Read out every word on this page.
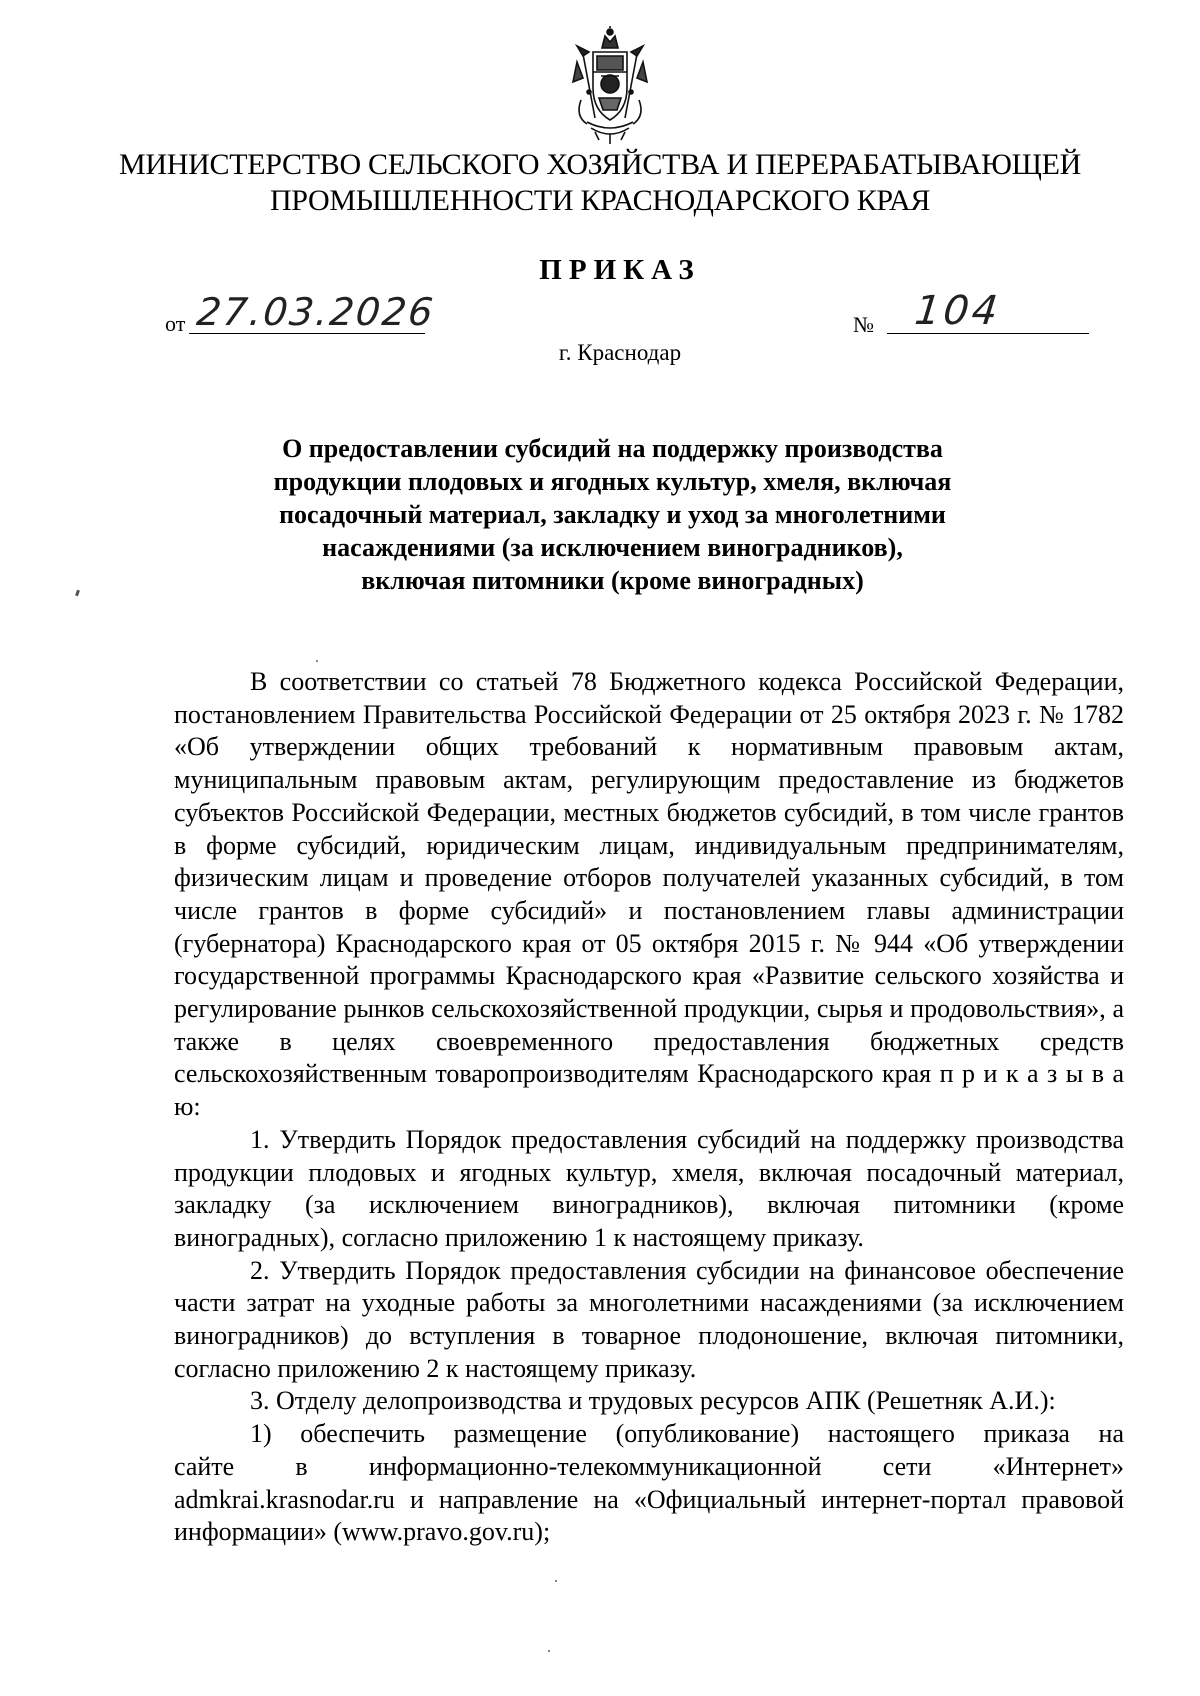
МИНИСТЕРСТВО СЕЛЬСКОГО ХОЗЯЙСТВА И ПЕРЕРАБАТЫВАЮЩЕЙ
ПРОМЫШЛЕННОСТИ КРАСНОДАРСКОГО КРАЯ
ПРИКАЗ
от 27.03.2026	№ 104
г. Краснодар
О предоставлении субсидий на поддержку производства
продукции плодовых и ягодных культур, хмеля, включая
посадочный материал, закладку и уход за многолетними
насаждениями (за исключением виноградников),
включая питомники (кроме виноградных)

В соответствии со статьей 78 Бюджетного кодекса Российской Федерации, постановлением Правительства Российской Федерации от 25 октября 2023 г. № 1782 «Об утверждении общих требований к нормативным правовым актам, муниципальным правовым актам, регулирующим предоставление из бюджетов субъектов Российской Федерации, местных бюджетов субсидий, в том числе грантов в форме субсидий, юридическим лицам, индивидуальным предпринимателям, физическим лицам и проведение отборов получателей указанных субсидий, в том числе грантов в форме субсидий» и постановлением главы администрации (губернатора) Краснодарского края от 05 октября 2015 г. № 944 «Об утверждении государственной программы Краснодарского края «Развитие сельского хозяйства и регулирование рынков сельскохозяйственной продукции, сырья и продовольствия», а также в целях своевременного предоставления бюджетных средств сельскохозяйственным товаропроизводителям Краснодарского края п р и к а з ы в а ю:

1. Утвердить Порядок предоставления субсидий на поддержку производства продукции плодовых и ягодных культур, хмеля, включая посадочный материал, закладку (за исключением виноградников), включая питомники (кроме виноградных), согласно приложению 1 к настоящему приказу.

2. Утвердить Порядок предоставления субсидии на финансовое обеспечение части затрат на уходные работы за многолетними насаждениями (за исключением виноградников) до вступления в товарное плодоношение, включая питомники, согласно приложению 2 к настоящему приказу.

3. Отделу делопроизводства и трудовых ресурсов АПК (Решетняк А.И.):

1) обеспечить размещение (опубликование) настоящего приказа на

сайте в информационно-телекоммуникационной сети «Интернет»

admkrai.krasnodar.ru и направление на «Официальный интернет-портал правовой информации» (www.pravo.gov.ru);
